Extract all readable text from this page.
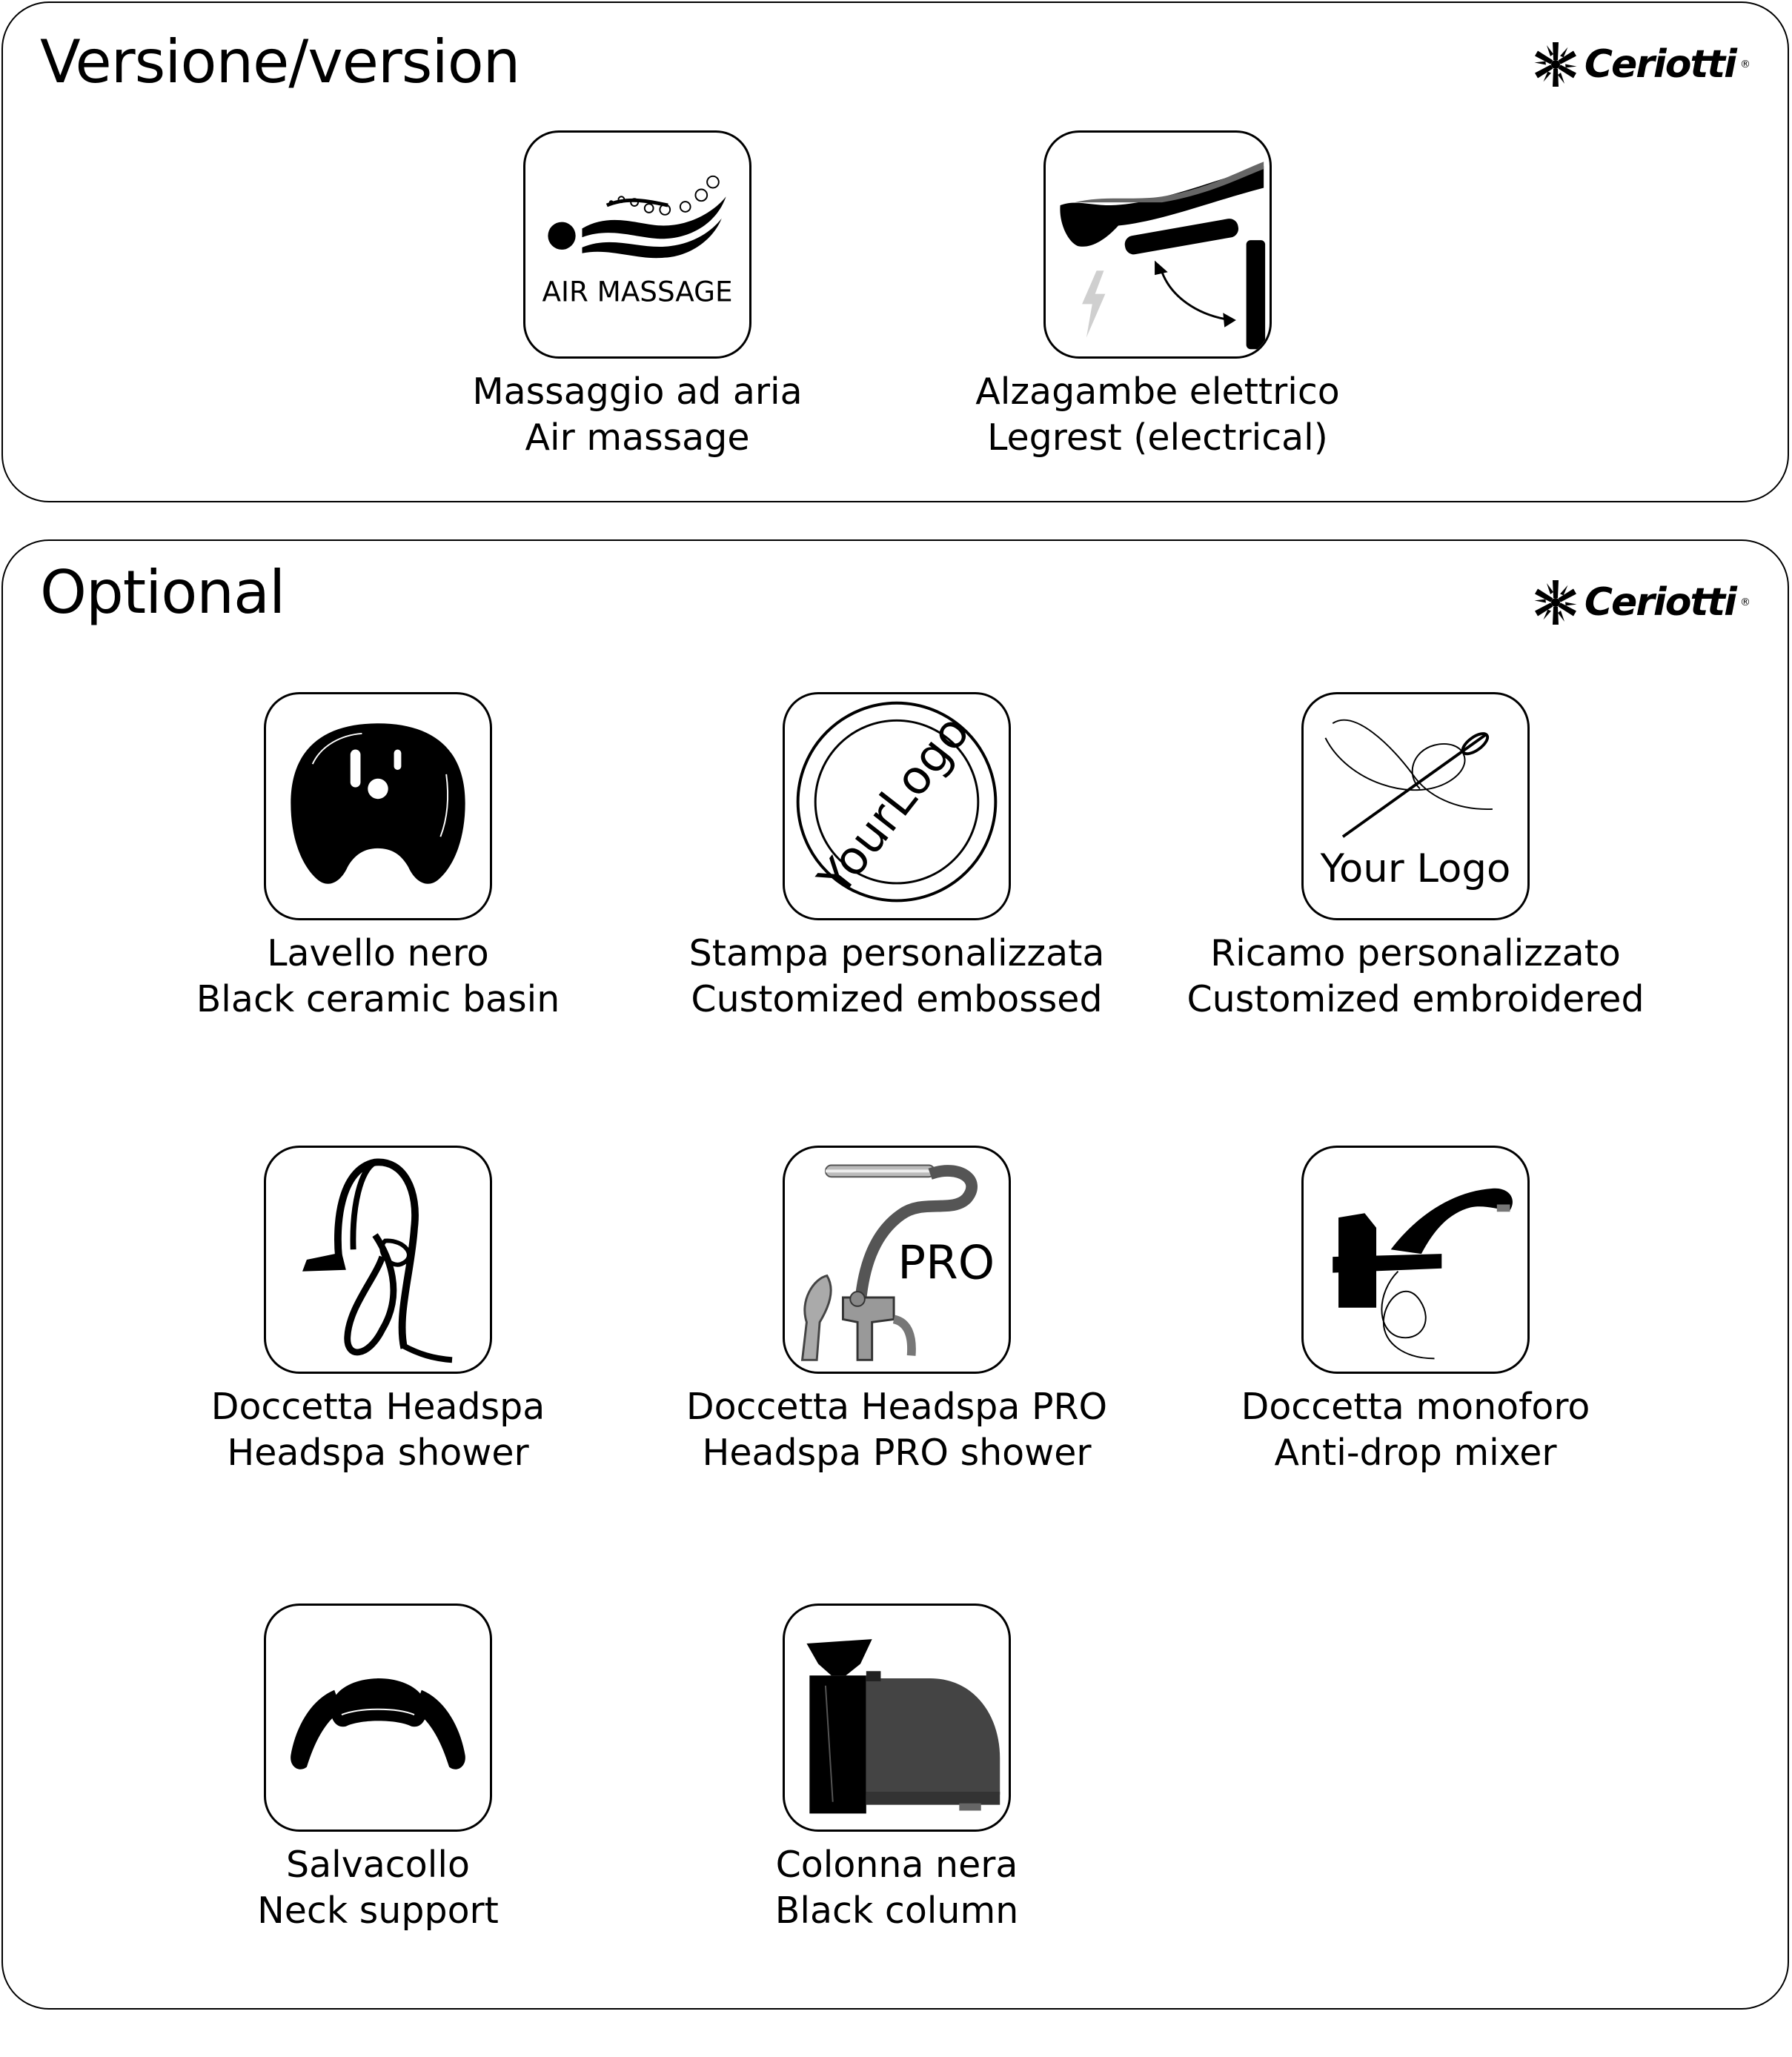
Versione/version	Ceriotti ®
AIR MASSAGE
Massaggio ad aria
Air massage
Alzagambe elettrico
Legrest (electrical)
Optional	Ceriotti ®
Lavello nero
Black ceramic basin
YourLogo
Stampa personalizzata
Customized embossed
Your Logo
Ricamo personalizzato
Customized embroidered
Doccetta Headspa
Headspa shower
PRO
Doccetta Headspa PRO
Headspa PRO shower
Doccetta monoforo
Anti-drop mixer
Salvacollo
Neck support
Colonna nera
Black column
